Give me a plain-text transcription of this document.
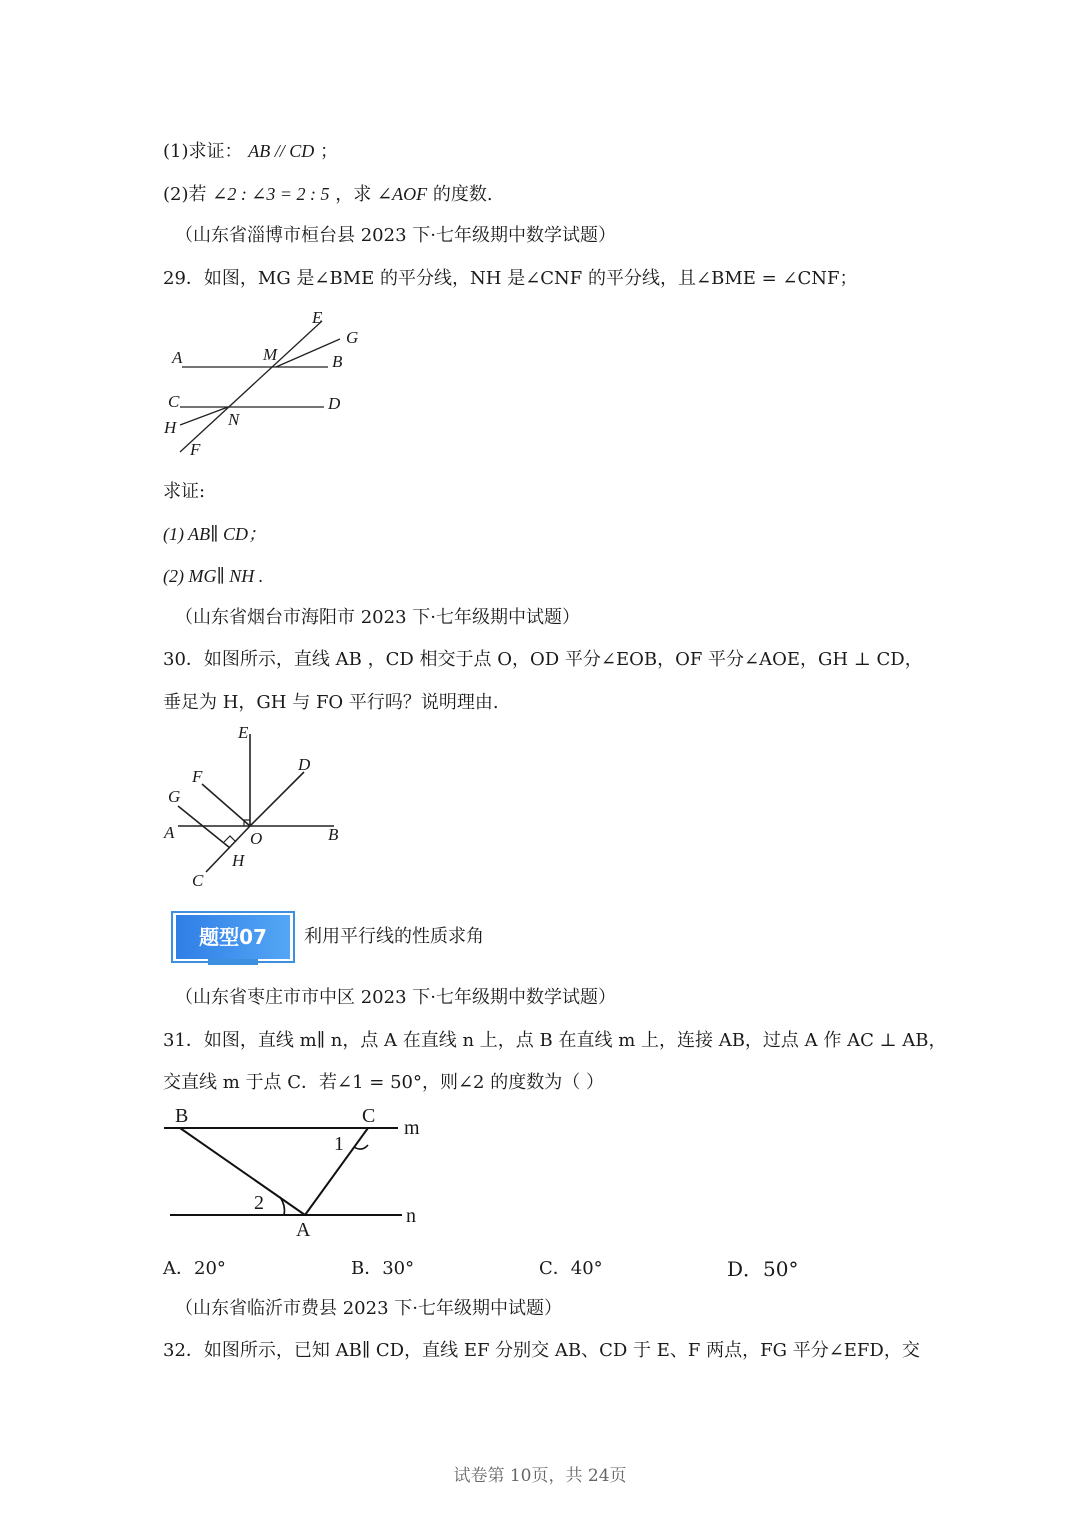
(1)求证： AB // CD ；
(2)若 ∠2 : ∠3 = 2 : 5 ，求 ∠AOF 的度数.
（山东省淄博市桓台县 2023 下·七年级期中数学试题）
29．如图，MG 是∠BME 的平分线，NH 是∠CNF 的平分线，且∠BME = ∠CNF；
E
G
A	M	B
C	D
H	N
F
求证:
(1) AB∥ CD；
(2) MG∥ NH .
（山东省烟台市海阳市 2023 下·七年级期中试题）
30．如图所示，直线 AB ，CD 相交于点 O，OD 平分∠EOB，OF 平分∠AOE，GH ⊥ CD，
垂足为 H，GH 与 FO 平行吗？说明理由.
E
F
D
G
A	O	B
H
C
题型07	利用平行线的性质求角
（山东省枣庄市市中区 2023 下·七年级期中数学试题）
31．如图，直线 m∥ n，点 A 在直线 n 上，点 B 在直线 m 上，连接 AB，过点 A 作 AC ⊥ AB，
交直线 m 于点 C．若∠1 = 50°，则∠2 的度数为（ ）
B	C
m
1
2
A
n
A．20°	B．30°	C．40°	D．50°
（山东省临沂市费县 2023 下·七年级期中试题）
32．如图所示，已知 AB∥ CD，直线 EF 分别交 AB、CD 于 E、F 两点，FG 平分∠EFD，交
试卷第 10页，共 24页
